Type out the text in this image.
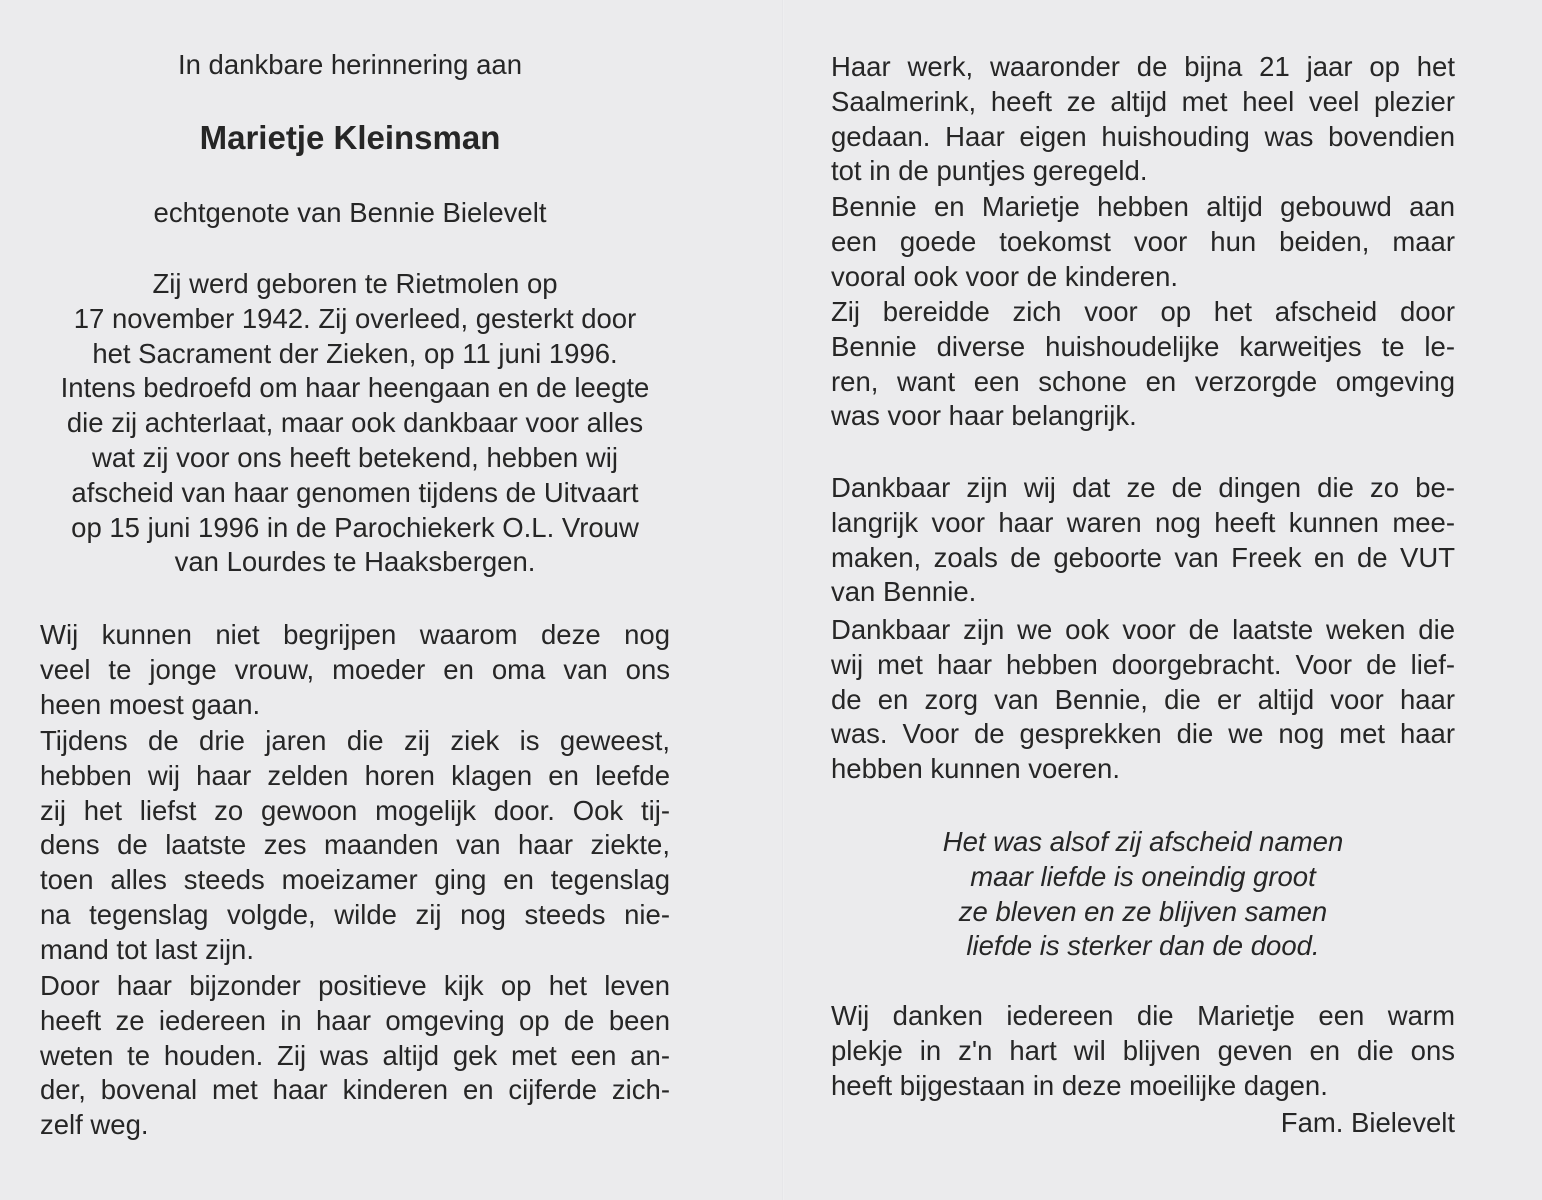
In dankbare herinnering aan
Marietje Kleinsman
echtgenote van Bennie Bielevelt
Zij werd geboren te Rietmolen op
17 november 1942. Zij overleed, gesterkt door
het Sacrament der Zieken, op 11 juni 1996.
Intens bedroefd om haar heengaan en de leegte
die zij achterlaat, maar ook dankbaar voor alles
wat zij voor ons heeft betekend, hebben wij
afscheid van haar genomen tijdens de Uitvaart
op 15 juni 1996 in de Parochiekerk O.L. Vrouw
van Lourdes te Haaksbergen.
Wij kunnen niet begrijpen waarom deze nog
veel te jonge vrouw, moeder en oma van ons
heen moest gaan.
Tijdens de drie jaren die zij ziek is geweest,
hebben wij haar zelden horen klagen en leefde
zij het liefst zo gewoon mogelijk door. Ook tij-
dens de laatste zes maanden van haar ziekte,
toen alles steeds moeizamer ging en tegenslag
na tegenslag volgde, wilde zij nog steeds nie-
mand tot last zijn.
Door haar bijzonder positieve kijk op het leven
heeft ze iedereen in haar omgeving op de been
weten te houden. Zij was altijd gek met een an-
der, bovenal met haar kinderen en cijferde zich-
zelf weg.
Haar werk, waaronder de bijna 21 jaar op het
Saalmerink, heeft ze altijd met heel veel plezier
gedaan. Haar eigen huishouding was bovendien
tot in de puntjes geregeld.
Bennie en Marietje hebben altijd gebouwd aan
een goede toekomst voor hun beiden, maar
vooral ook voor de kinderen.
Zij bereidde zich voor op het afscheid door
Bennie diverse huishoudelijke karweitjes te le-
ren, want een schone en verzorgde omgeving
was voor haar belangrijk.
Dankbaar zijn wij dat ze de dingen die zo be-
langrijk voor haar waren nog heeft kunnen mee-
maken, zoals de geboorte van Freek en de VUT
van Bennie.
Dankbaar zijn we ook voor de laatste weken die
wij met haar hebben doorgebracht. Voor de lief-
de en zorg van Bennie, die er altijd voor haar
was. Voor de gesprekken die we nog met haar
hebben kunnen voeren.
Het was alsof zij afscheid namen
maar liefde is oneindig groot
ze bleven en ze blijven samen
liefde is sterker dan de dood.
Wij danken iedereen die Marietje een warm
plekje in z'n hart wil blijven geven en die ons
heeft bijgestaan in deze moeilijke dagen.
Fam. Bielevelt
